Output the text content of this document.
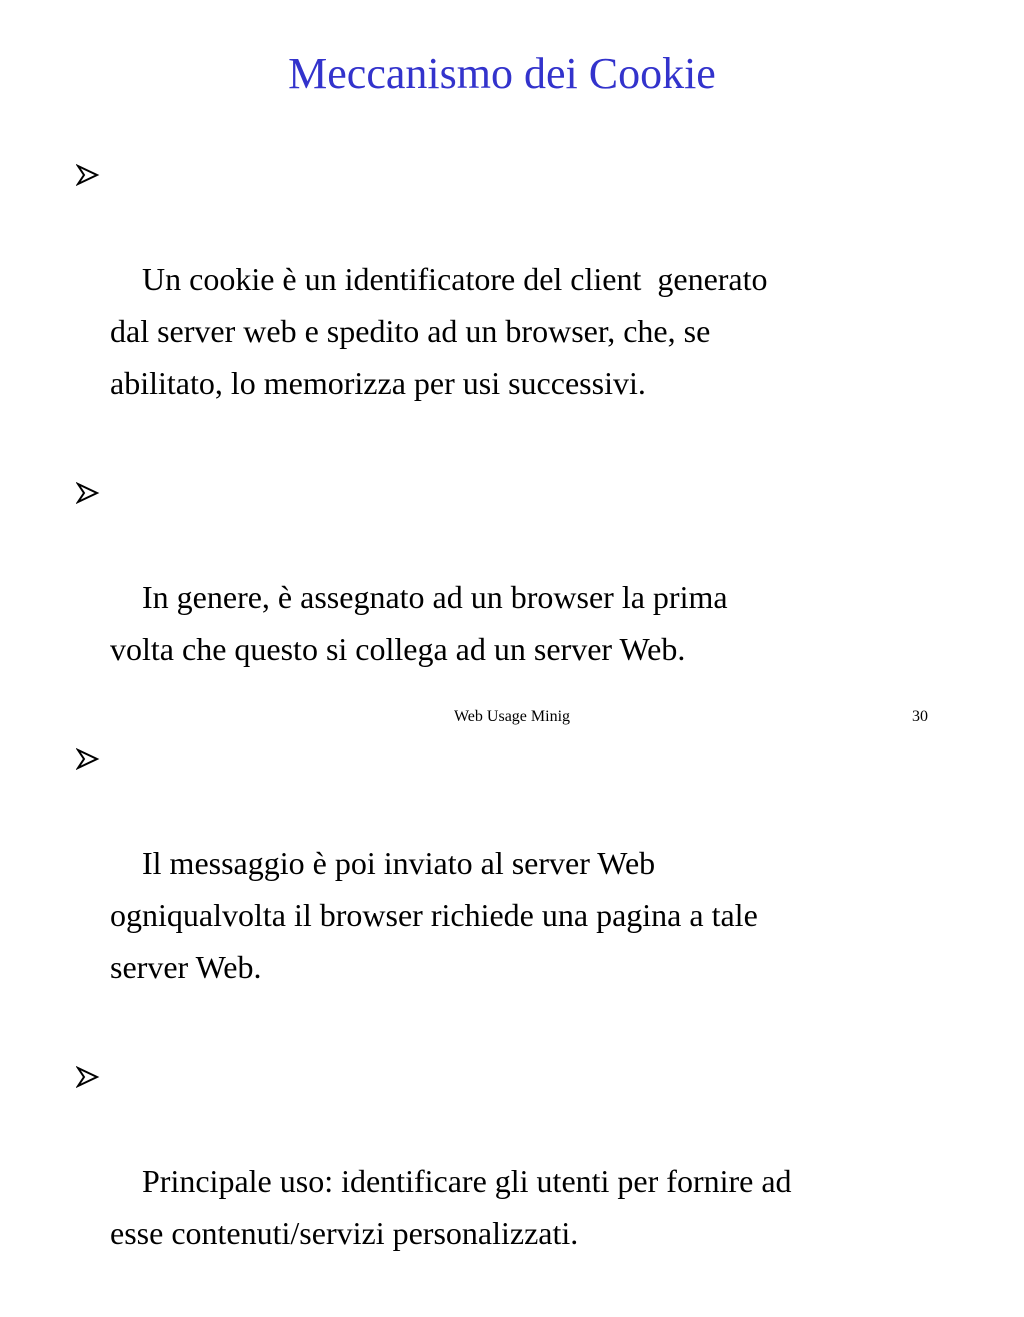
Meccanismo dei Cookie

Un cookie è un identificatore del client  generato
dal server web e spedito ad un browser, che, se
abilitato, lo memorizza per usi successivi.

In genere, è assegnato ad un browser la prima
volta che questo si collega ad un server Web.

Il messaggio è poi inviato al server Web
ogniqualvolta il browser richiede una pagina a tale
server Web.

Principale uso: identificare gli utenti per fornire ad
esse contenuti/servizi personalizzati.

Web Usage Minig	30
